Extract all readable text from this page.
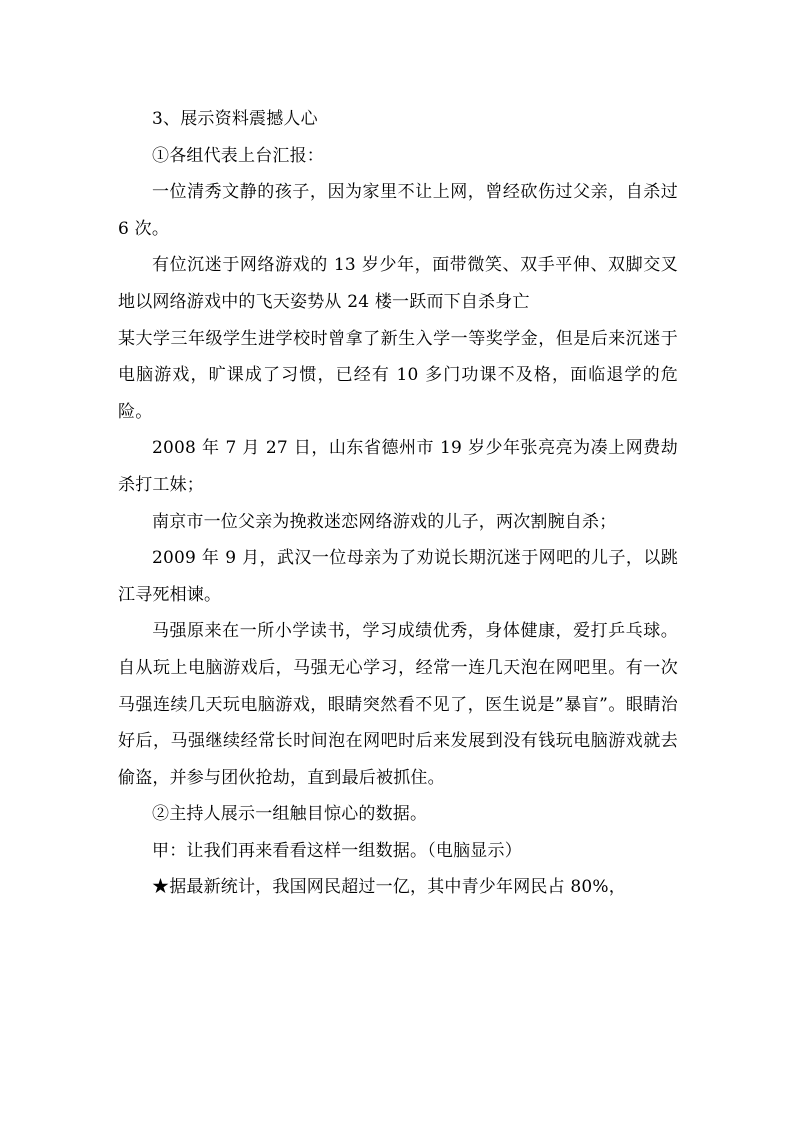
3、展示资料震撼人心

①各组代表上台汇报：

一位清秀文静的孩子，因为家里不让上网，曾经砍伤过父亲，自杀过 6 次。

有位沉迷于网络游戏的 13 岁少年，面带微笑、双手平伸、双脚交叉地以网络游戏中的飞天姿势从 24 楼一跃而下自杀身亡

某大学三年级学生进学校时曾拿了新生入学一等奖学金，但是后来沉迷于电脑游戏，旷课成了习惯，已经有 10 多门功课不及格，面临退学的危险。

2008 年 7 月 27 日，山东省德州市 19 岁少年张亮亮为凑上网费劫杀打工妹；

南京市一位父亲为挽救迷恋网络游戏的儿子，两次割腕自杀；

2009 年 9 月，武汉一位母亲为了劝说长期沉迷于网吧的儿子，以跳江寻死相谏。

马强原来在一所小学读书，学习成绩优秀，身体健康，爱打乒乓球。自从玩上电脑游戏后，马强无心学习，经常一连几天泡在网吧里。有一次马强连续几天玩电脑游戏，眼睛突然看不见了，医生说是”暴盲”。眼睛治好后，马强继续经常长时间泡在网吧时后来发展到没有钱玩电脑游戏就去偷盗，并参与团伙抢劫，直到最后被抓住。

②主持人展示一组触目惊心的数据。

甲：让我们再来看看这样一组数据。（电脑显示）

★据最新统计，我国网民超过一亿，其中青少年网民占 80%，
